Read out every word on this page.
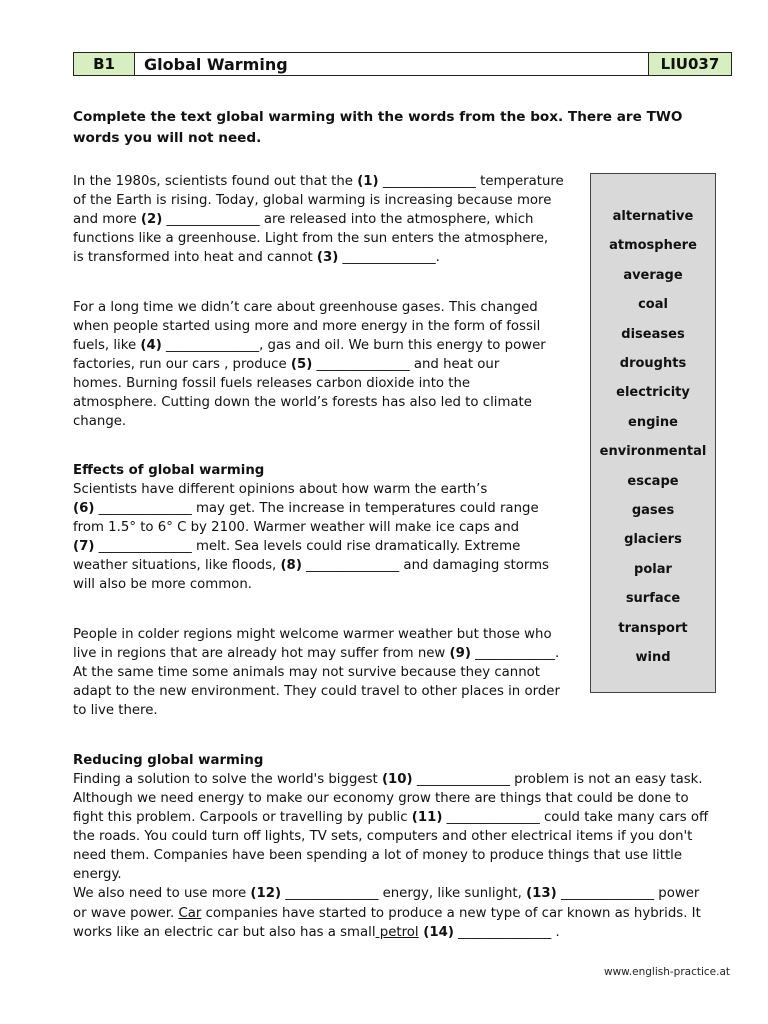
B1	Global Warming	LIU037

Complete the text global warming with the words from the box. There are TWO words you will not need.

In the 1980s, scientists found out that the (1) ______________ temperature
of the Earth is rising. Today, global warming is increasing because more
and more (2) ______________ are released into the atmosphere, which
functions like a greenhouse. Light from the sun enters the atmosphere,
is transformed into heat and cannot (3) ______________.
For a long time we didn’t care about greenhouse gases. This changed
when people started using more and more energy in the form of fossil
fuels, like (4) ______________, gas and oil. We burn this energy to power
factories, run our cars , produce (5) ______________ and heat our
homes. Burning fossil fuels releases carbon dioxide into the
atmosphere. Cutting down the world’s forests has also led to climate
change.
Effects of global warming
Scientists have different opinions about how warm the earth’s
(6) ______________ may get. The increase in temperatures could range
from 1.5° to 6° C by 2100. Warmer weather will make ice caps and
(7) ______________ melt. Sea levels could rise dramatically. Extreme
weather situations, like floods, (8) ______________ and damaging storms
will also be more common.
People in colder regions might welcome warmer weather but those who
live in regions that are already hot may suffer from new (9) ____________.
At the same time some animals may not survive because they cannot
adapt to the new environment. They could travel to other places in order
to live there.
Reducing global warming
Finding a solution to solve the world's biggest (10) ______________ problem is not an easy task.
Although we need energy to make our economy grow there are things that could be done to
fight this problem. Carpools or travelling by public (11) ______________ could take many cars off
the roads. You could turn off lights, TV sets, computers and other electrical items if you don't
need them. Companies have been spending a lot of money to produce things that use little
energy.
We also need to use more (12) ______________ energy, like sunlight, (13) ______________ power
or wave power. Car companies have started to produce a new type of car known as hybrids. It
works like an electric car but also has a small petrol (14) ______________ .
alternative
atmosphere
average
coal
diseases
droughts
electricity
engine
environmental
escape
gases
glaciers
polar
surface
transport
wind
www.english-practice.at
